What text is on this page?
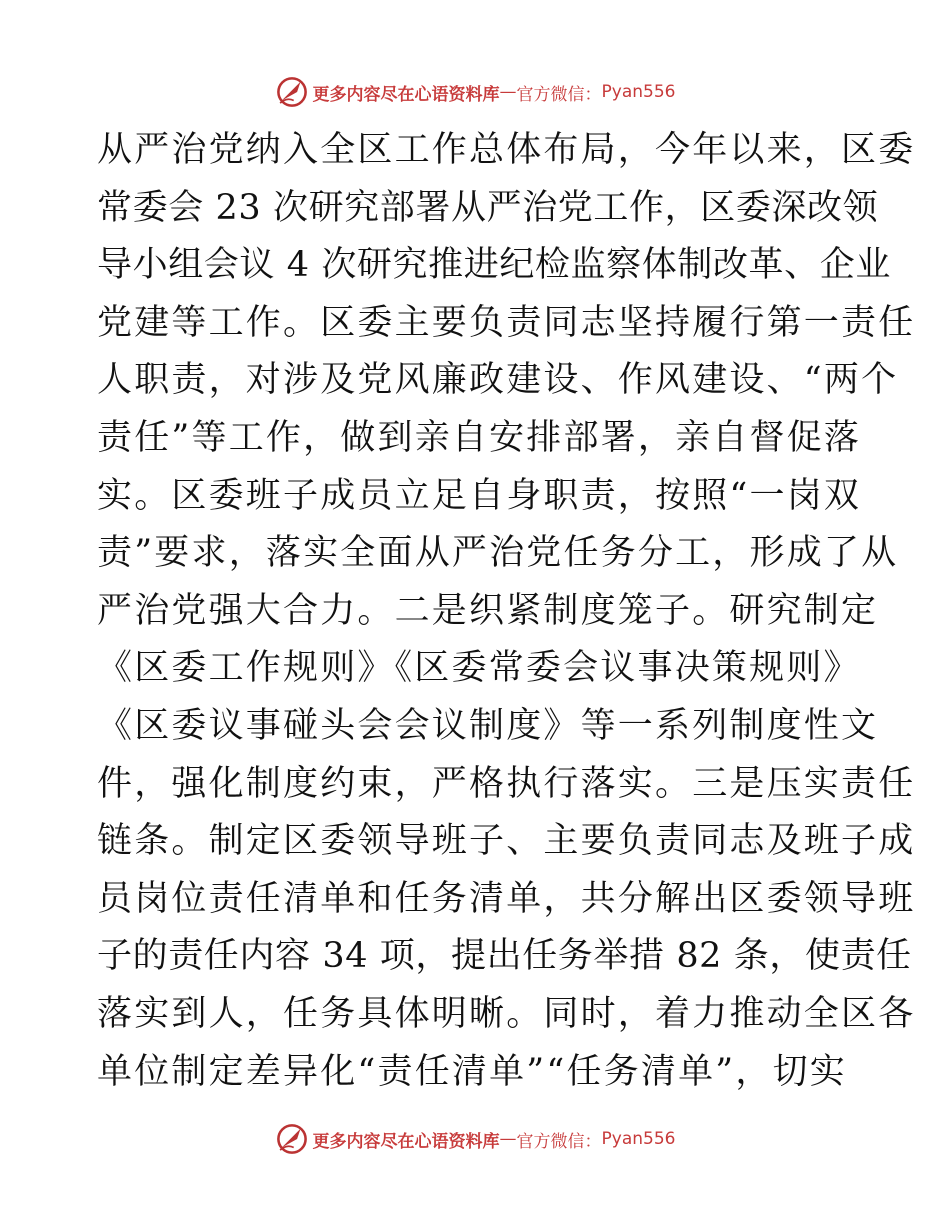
更多内容尽在心语资料库 — 官方微信： Pyan556
从严治党纳入全区工作总体布局，今年以来，区委
常委会 23 次研究部署从严治党工作，区委深改领
导小组会议 4 次研究推进纪检监察体制改革、企业
党建等工作。区委主要负责同志坚持履行第一责任
人职责，对涉及党风廉政建设、作风建设、“两个
责任”等工作，做到亲自安排部署，亲自督促落
实。区委班子成员立足自身职责，按照“一岗双
责”要求，落实全面从严治党任务分工，形成了从
严治党强大合力。二是织紧制度笼子。研究制定
《区委工作规则》《区委常委会议事决策规则》
《区委议事碰头会会议制度》等一系列制度性文
件，强化制度约束，严格执行落实。三是压实责任
链条。制定区委领导班子、主要负责同志及班子成
员岗位责任清单和任务清单，共分解出区委领导班
子的责任内容 34 项，提出任务举措 82 条，使责任
落实到人，任务具体明晰。同时，着力推动全区各
单位制定差异化“责任清单”“任务清单”，切实
更多内容尽在心语资料库 — 官方微信： Pyan556
